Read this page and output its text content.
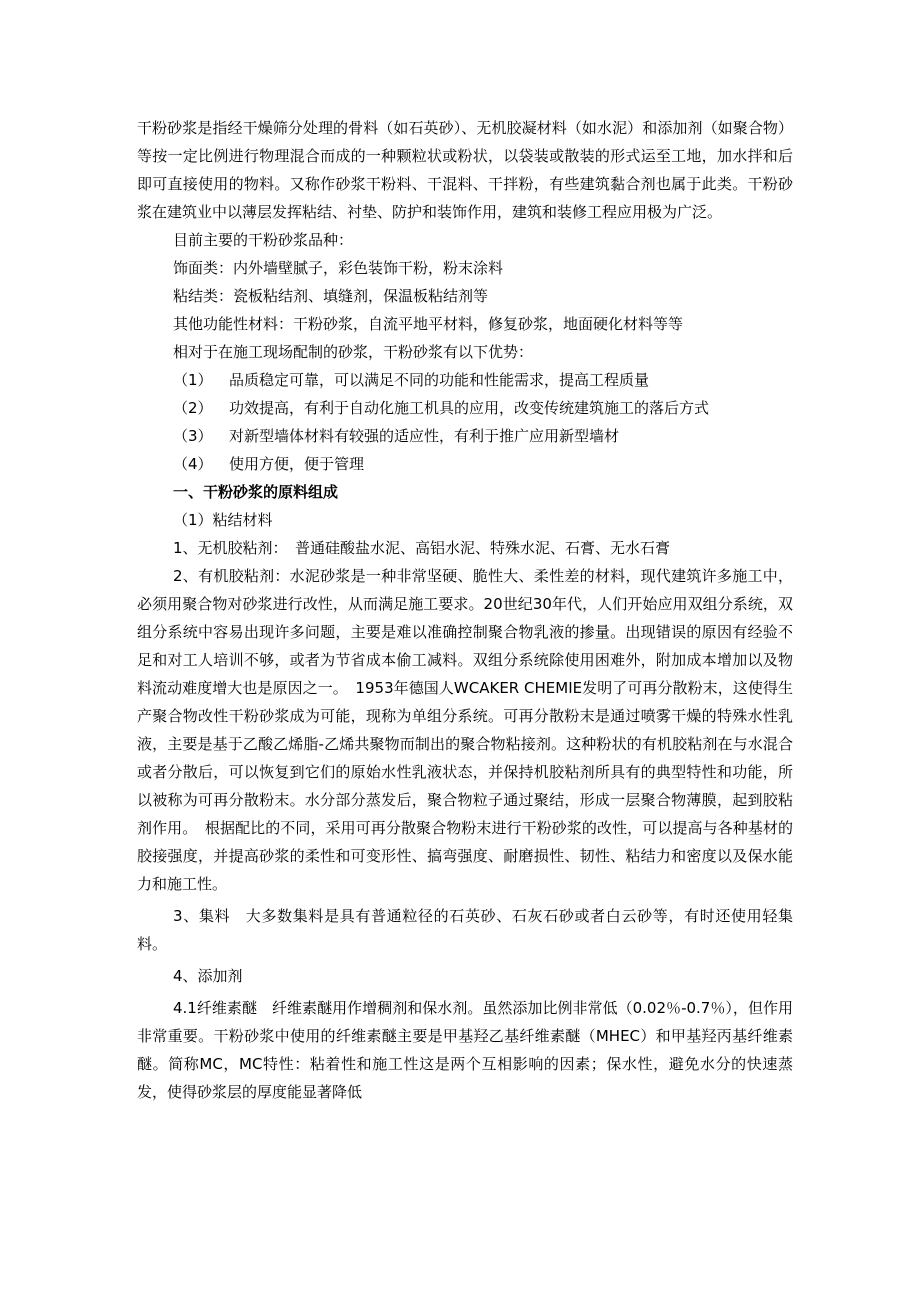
干粉砂浆是指经干燥筛分处理的骨料（如石英砂）、无机胶凝材料（如水泥）和添加剂（如聚合物）等按一定比例进行物理混合而成的一种颗粒状或粉状，以袋装或散装的形式运至工地，加水拌和后即可直接使用的物料。又称作砂浆干粉料、干混料、干拌粉，有些建筑黏合剂也属于此类。干粉砂浆在建筑业中以薄层发挥粘结、衬垫、防护和装饰作用，建筑和装修工程应用极为广泛。

目前主要的干粉砂浆品种：

饰面类：内外墙壁腻子，彩色装饰干粉，粉末涂料

粘结类：瓷板粘结剂、填缝剂，保温板粘结剂等

其他功能性材料：干粉砂浆，自流平地平材料，修复砂浆，地面硬化材料等等

相对于在施工现场配制的砂浆，干粉砂浆有以下优势：

（1） 品质稳定可靠，可以满足不同的功能和性能需求，提高工程质量
（2） 功效提高，有利于自动化施工机具的应用，改变传统建筑施工的落后方式
（3） 对新型墙体材料有较强的适应性，有利于推广应用新型墙材
（4） 使用方便，便于管理

一、干粉砂浆的原料组成

（1）粘结材料

1、无机胶粘剂：　普通硅酸盐水泥、高铝水泥、特殊水泥、石膏、无水石膏

2、有机胶粘剂：水泥砂浆是一种非常坚硬、脆性大、柔性差的材料，现代建筑许多施工中，必须用聚合物对砂浆进行改性，从而满足施工要求。20世纪30年代，人们开始应用双组分系统，双组分系统中容易出现许多问题，主要是难以准确控制聚合物乳液的掺量。出现错误的原因有经验不足和对工人培训不够，或者为节省成本偷工减料。双组分系统除使用困难外，附加成本增加以及物料流动难度增大也是原因之一。　1953年德国人WCAKER CHEMIE发明了可再分散粉末，这使得生产聚合物改性干粉砂浆成为可能，现称为单组分系统。可再分散粉末是通过喷雾干燥的特殊水性乳液，主要是基于乙酸乙烯脂-乙烯共聚物而制出的聚合物粘接剂。这种粉状的有机胶粘剂在与水混合或者分散后，可以恢复到它们的原始水性乳液状态，并保持机胶粘剂所具有的典型特性和功能，所以被称为可再分散粉末。水分部分蒸发后，聚合物粒子通过聚结，形成一层聚合物薄膜，起到胶粘剂作用。　根据配比的不同，采用可再分散聚合物粉末进行干粉砂浆的改性，可以提高与各种基材的胶接强度，并提高砂浆的柔性和可变形性、搞弯强度、耐磨损性、韧性、粘结力和密度以及保水能力和施工性。

3、集料　大多数集料是具有普通粒径的石英砂、石灰石砂或者白云砂等，有时还使用轻集料。

4、添加剂

4.1纤维素醚　纤维素醚用作增稠剂和保水剂。虽然添加比例非常低（0.02％-0.7％），但作用非常重要。干粉砂浆中使用的纤维素醚主要是甲基羟乙基纤维素醚（MHEC）和甲基羟丙基纤维素醚。简称MC，MC特性：粘着性和施工性这是两个互相影响的因素；保水性，避免水分的快速蒸发，使得砂浆层的厚度能显著降低
